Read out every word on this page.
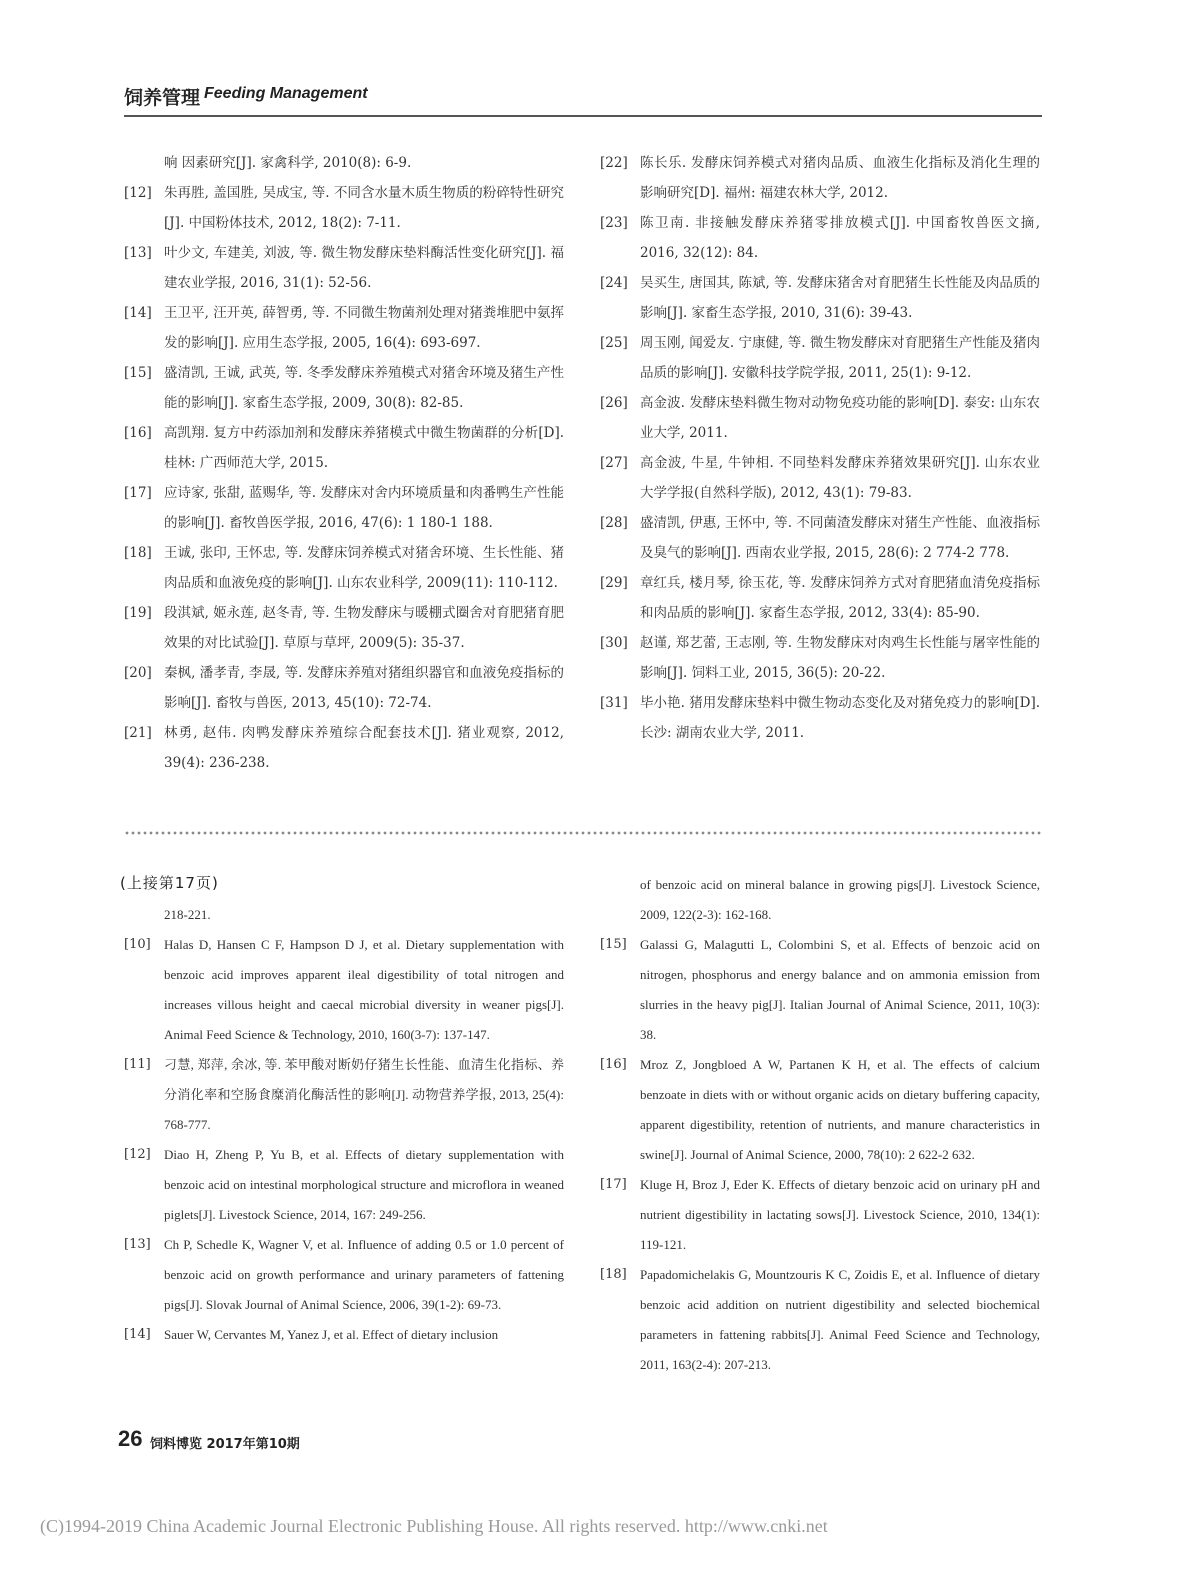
饲养管理 Feeding Management
响 因素研究[J]. 家禽科学, 2010(8): 6-9.
[12] 朱再胜, 盖国胜, 吴成宝, 等. 不同含水量木质生物质的粉碎特性研究[J]. 中国粉体技术, 2012, 18(2): 7-11.
[13] 叶少文, 车建美, 刘波, 等. 微生物发酵床垫料酶活性变化研究[J]. 福建农业学报, 2016, 31(1): 52-56.
[14] 王卫平, 汪开英, 薛智勇, 等. 不同微生物菌剂处理对猪粪堆肥中氨挥发的影响[J]. 应用生态学报, 2005, 16(4): 693-697.
[15] 盛清凯, 王诚, 武英, 等. 冬季发酵床养殖模式对猪舍环境及猪生产性能的影响[J]. 家畜生态学报, 2009, 30(8): 82-85.
[16] 高凯翔. 复方中药添加剂和发酵床养猪模式中微生物菌群的分析[D]. 桂林: 广西师范大学, 2015.
[17] 应诗家, 张甜, 蓝赐华, 等. 发酵床对舍内环境质量和肉番鸭生产性能的影响[J]. 畜牧兽医学报, 2016, 47(6): 1 180-1 188.
[18] 王诚, 张印, 王怀忠, 等. 发酵床饲养模式对猪舍环境、生长性能、猪肉品质和血液免疫的影响[J]. 山东农业科学, 2009(11): 110-112.
[19] 段淇斌, 姬永莲, 赵冬青, 等. 生物发酵床与暖棚式圈舍对育肥猪育肥效果的对比试验[J]. 草原与草坪, 2009(5): 35-37.
[20] 秦枫, 潘孝青, 李晟, 等. 发酵床养殖对猪组织器官和血液免疫指标的影响[J]. 畜牧与兽医, 2013, 45(10): 72-74.
[21] 林勇, 赵伟. 肉鸭发酵床养殖综合配套技术[J]. 猪业观察, 2012, 39(4): 236-238.
[22] 陈长乐. 发酵床饲养模式对猪肉品质、血液生化指标及消化生理的影响研究[D]. 福州: 福建农林大学, 2012.
[23] 陈卫南. 非接触发酵床养猪零排放模式[J]. 中国畜牧兽医文摘, 2016, 32(12): 84.
[24] 吴买生, 唐国其, 陈斌, 等. 发酵床猪舍对育肥猪生长性能及肉品质的影响[J]. 家畜生态学报, 2010, 31(6): 39-43.
[25] 周玉刚, 闻爱友. 宁康健, 等. 微生物发酵床对育肥猪生产性能及猪肉品质的影响[J]. 安徽科技学院学报, 2011, 25(1): 9-12.
[26] 高金波. 发酵床垫料微生物对动物免疫功能的影响[D]. 泰安: 山东农业大学, 2011.
[27] 高金波, 牛星, 牛钟相. 不同垫料发酵床养猪效果研究[J]. 山东农业大学学报(自然科学版), 2012, 43(1): 79-83.
[28] 盛清凯, 伊惠, 王怀中, 等. 不同菌渣发酵床对猪生产性能、血液指标及臭气的影响[J]. 西南农业学报, 2015, 28(6): 2 774-2 778.
[29] 章红兵, 楼月琴, 徐玉花, 等. 发酵床饲养方式对育肥猪血清免疫指标和肉品质的影响[J]. 家畜生态学报, 2012, 33(4): 85-90.
[30] 赵谨, 郑艺蕾, 王志刚, 等. 生物发酵床对肉鸡生长性能与屠宰性能的影响[J]. 饲料工业, 2015, 36(5): 20-22.
[31] 毕小艳. 猪用发酵床垫料中微生物动态变化及对猪免疫力的影响[D]. 长沙: 湖南农业大学, 2011.
(上接第17页)
218-221.
[10]	Halas D, Hansen C F, Hampson D J, et al. Dietary supplementation with benzoic acid improves apparent ileal digestibility of total nitrogen and increases villous height and caecal microbial diversity in weaner pigs[J]. Animal Feed Science & Technology, 2010, 160(3-7): 137-147.
[11]	刁慧, 郑萍, 余冰, 等. 苯甲酸对断奶仔猪生长性能、血清生化指标、养分消化率和空肠食糜消化酶活性的影响[J]. 动物营养学报, 2013, 25(4): 768-777.
[12]	Diao H, Zheng P, Yu B, et al. Effects of dietary supplementation with benzoic acid on intestinal morphological structure and microflora in weaned piglets[J]. Livestock Science, 2014, 167: 249-256.
[13]	Ch P, Schedle K, Wagner V, et al. Influence of adding 0.5 or 1.0 percent of benzoic acid on growth performance and urinary parameters of fattening pigs[J]. Slovak Journal of Animal Science, 2006, 39(1-2): 69-73.
[14]	Sauer W, Cervantes M, Yanez J, et al. Effect of dietary inclusion
of benzoic acid on mineral balance in growing pigs[J]. Livestock Science, 2009, 122(2-3): 162-168.
[15]	Galassi G, Malagutti L, Colombini S, et al. Effects of benzoic acid on nitrogen, phosphorus and energy balance and on ammonia emission from slurries in the heavy pig[J]. Italian Journal of Animal Science, 2011, 10(3): 38.
[16]	Mroz Z, Jongbloed A W, Partanen K H, et al. The effects of calcium benzoate in diets with or without organic acids on dietary buffering capacity, apparent digestibility, retention of nutrients, and manure characteristics in swine[J]. Journal of Animal Science, 2000, 78(10): 2 622-2 632.
[17]	Kluge H, Broz J, Eder K. Effects of dietary benzoic acid on urinary pH and nutrient digestibility in lactating sows[J]. Livestock Science, 2010, 134(1): 119-121.
[18]	Papadomichelakis G, Mountzouris K C, Zoidis E, et al. Influence of dietary benzoic acid addition on nutrient digestibility and selected biochemical parameters in fattening rabbits[J]. Animal Feed Science and Technology, 2011, 163(2-4): 207-213.
26 饲料博览 2017年第10期
(C)1994-2019 China Academic Journal Electronic Publishing House. All rights reserved. http://www.cnki.net
